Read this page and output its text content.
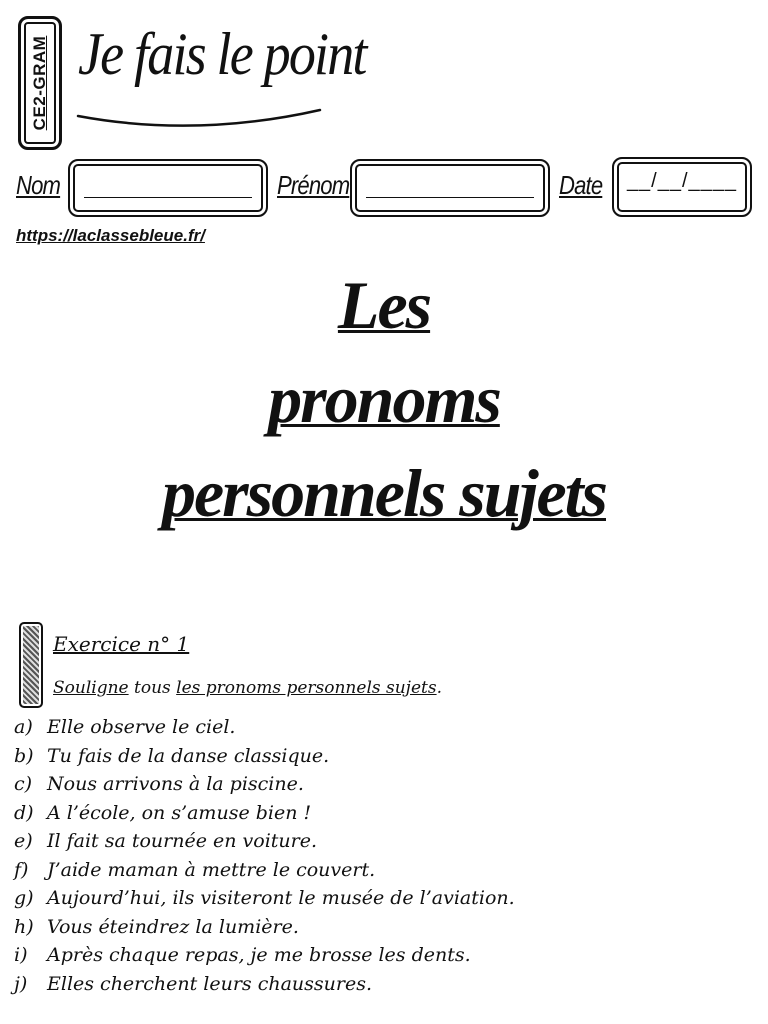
CE2-GRAM Je fais le point
Nom	Prénom	Date	__/__/____
https://laclassebleue.fr/
Les
pronoms
personnels sujets
Exercice n° 1
Souligne tous les pronoms personnels sujets.
a) Elle observe le ciel.
b) Tu fais de la danse classique.
c) Nous arrivons à la piscine.
d) A l’école, on s’amuse bien !
e) Il fait sa tournée en voiture.
f) J’aide maman à mettre le couvert.
g) Aujourd’hui, ils visiteront le musée de l’aviation.
h) Vous éteindrez la lumière.
i) Après chaque repas, je me brosse les dents.
j) Elles cherchent leurs chaussures.
